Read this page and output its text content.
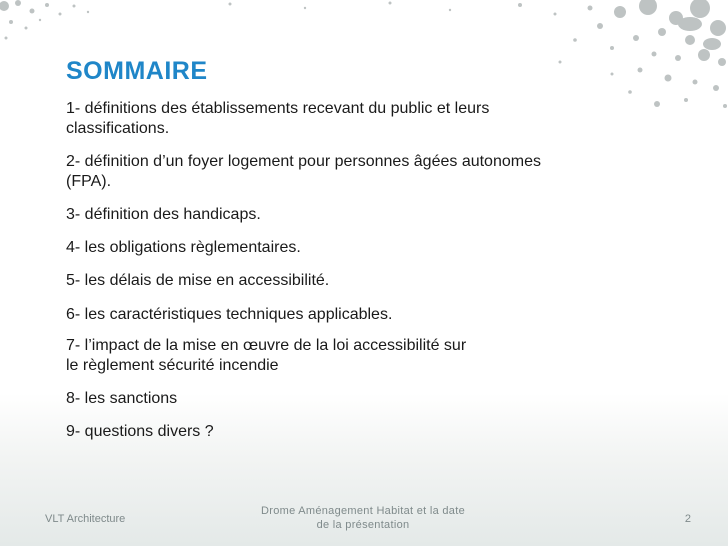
SOMMAIRE
1- définitions des établissements recevant du public et leurs
classifications.
2- définition d’un foyer logement pour personnes âgées autonomes
(FPA).
3- définition des handicaps.
4- les obligations règlementaires.
5- les délais de mise en accessibilité.
6- les caractéristiques techniques applicables.
7- l’impact de la mise en œuvre de la loi accessibilité sur
le règlement sécurité incendie
8- les sanctions
9- questions divers ?
VLT Architecture
Drome Aménagement Habitat et la date de la présentation	2
